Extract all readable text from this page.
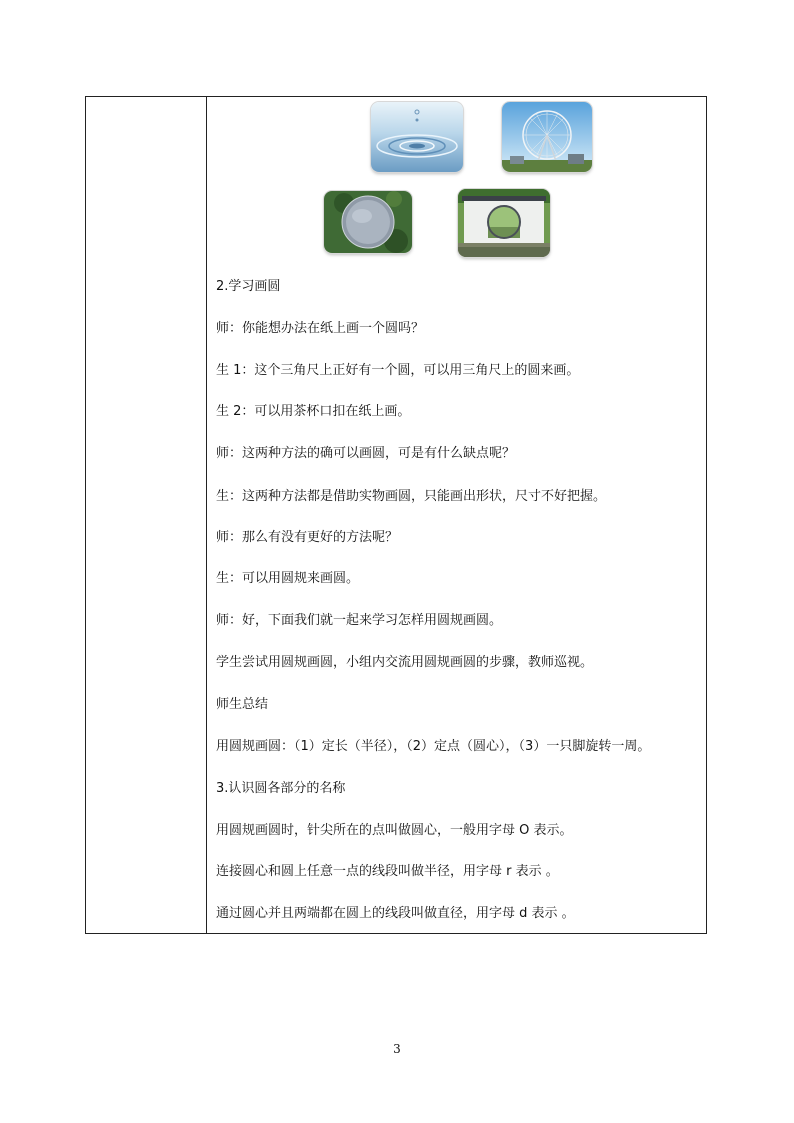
2.学习画圆
师：你能想办法在纸上画一个圆吗？
生 1：这个三角尺上正好有一个圆，可以用三角尺上的圆来画。
生 2：可以用茶杯口扣在纸上画。
师：这两种方法的确可以画圆，可是有什么缺点呢？
生：这两种方法都是借助实物画圆，只能画出形状，尺寸不好把握。
师：那么有没有更好的方法呢？
生：可以用圆规来画圆。
师：好，下面我们就一起来学习怎样用圆规画圆。
学生尝试用圆规画圆，小组内交流用圆规画圆的步骤，教师巡视。
师生总结
用圆规画圆：（1）定长（半径），（2）定点（圆心），（3）一只脚旋转一周。
3.认识圆各部分的名称
用圆规画圆时，针尖所在的点叫做圆心，一般用字母 O 表示。
连接圆心和圆上任意一点的线段叫做半径，用字母 r 表示 。
通过圆心并且两端都在圆上的线段叫做直径，用字母 d 表示 。
3
